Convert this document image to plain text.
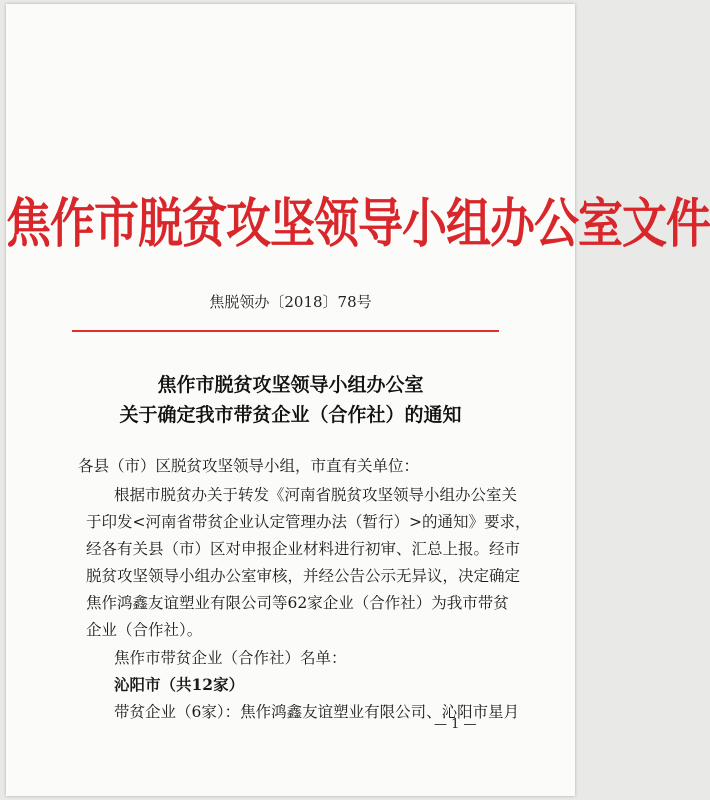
焦作市脱贫攻坚领导小组办公室文件
焦脱领办〔2018〕78号
焦作市脱贫攻坚领导小组办公室
关于确定我市带贫企业（合作社）的通知
各县（市）区脱贫攻坚领导小组，市直有关单位：
根据市脱贫办关于转发《河南省脱贫攻坚领导小组办公室关
于印发<河南省带贫企业认定管理办法（暂行）>的通知》要求，
经各有关县（市）区对申报企业材料进行初审、汇总上报。经市
脱贫攻坚领导小组办公室审核，并经公告公示无异议，决定确定
焦作鸿鑫友谊塑业有限公司等62家企业（合作社）为我市带贫
企业（合作社）。
焦作市带贫企业（合作社）名单：
沁阳市（共12家）
带贫企业（6家）：焦作鸿鑫友谊塑业有限公司、沁阳市星月
— 1 —
